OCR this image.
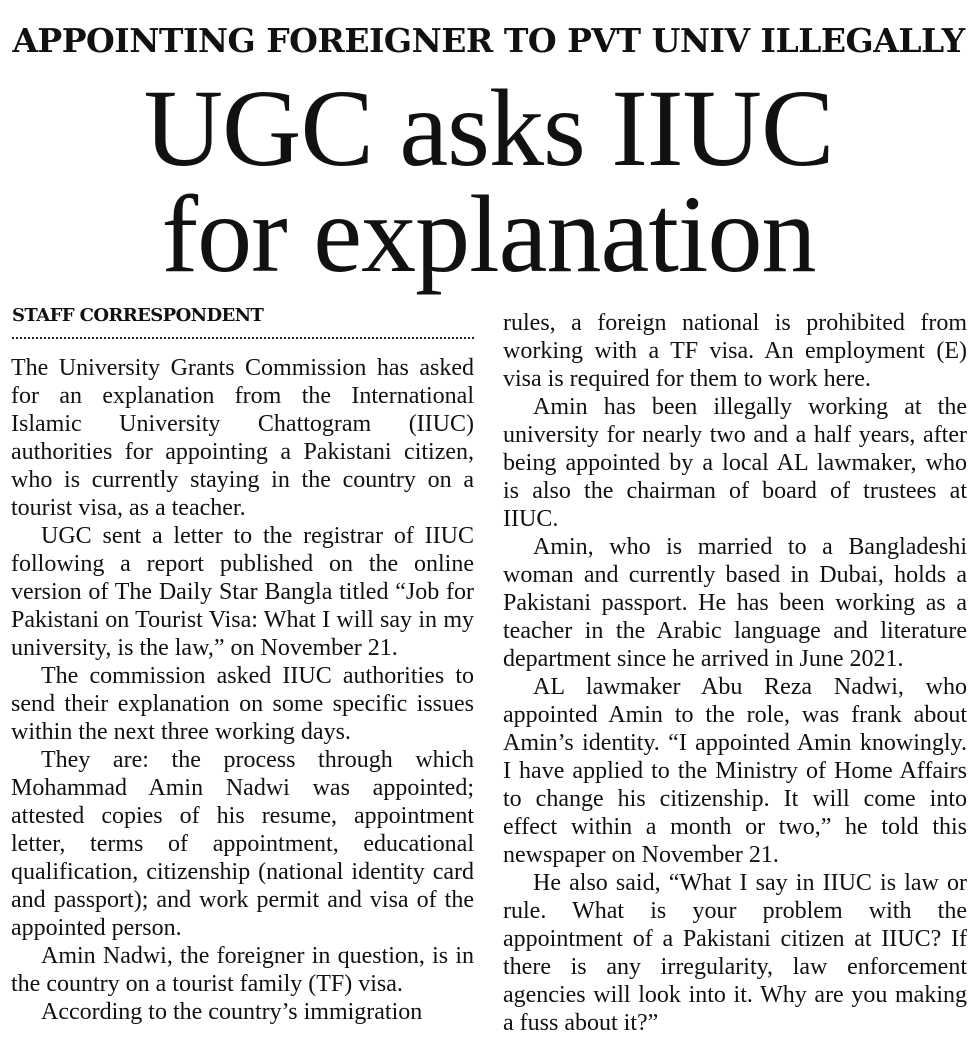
APPOINTING FOREIGNER TO PVT UNIV ILLEGALLY
UGC asks IIUC
for explanation
STAFF CORRESPONDENT

The University Grants Commission has asked for an explanation from the International Islamic University Chattogram (IIUC) authorities for appointing a Pakistani citizen, who is currently staying in the country on a tourist visa, as a teacher.

UGC sent a letter to the registrar of IIUC following a report published on the online version of The Daily Star Bangla titled “Job for Pakistani on Tourist Visa: What I will say in my university, is the law,” on November 21.

The commission asked IIUC authorities to send their explanation on some specific issues within the next three working days.

They are: the process through which Mohammad Amin Nadwi was appointed; attested copies of his resume, appointment letter, terms of appointment, educational qualification, citizenship (national identity card and passport); and work permit and visa of the appointed person.

Amin Nadwi, the foreigner in question, is in the country on a tourist family (TF) visa.

According to the country’s immigration

rules, a foreign national is prohibited from working with a TF visa. An employment (E) visa is required for them to work here.

Amin has been illegally working at the university for nearly two and a half years, after being appointed by a local AL lawmaker, who is also the chairman of board of trustees at IIUC.

Amin, who is married to a Bangladeshi woman and currently based in Dubai, holds a Pakistani passport. He has been working as a teacher in the Arabic language and literature department since he arrived in June 2021.

AL lawmaker Abu Reza Nadwi, who appointed Amin to the role, was frank about Amin’s identity. “I appointed Amin knowingly. I have applied to the Ministry of Home Affairs to change his citizenship. It will come into effect within a month or two,” he told this newspaper on November 21.

He also said, “What I say in IIUC is law or rule. What is your problem with the appointment of a Pakistani citizen at IIUC? If there is any irregularity, law enforcement agencies will look into it. Why are you making a fuss about it?”
